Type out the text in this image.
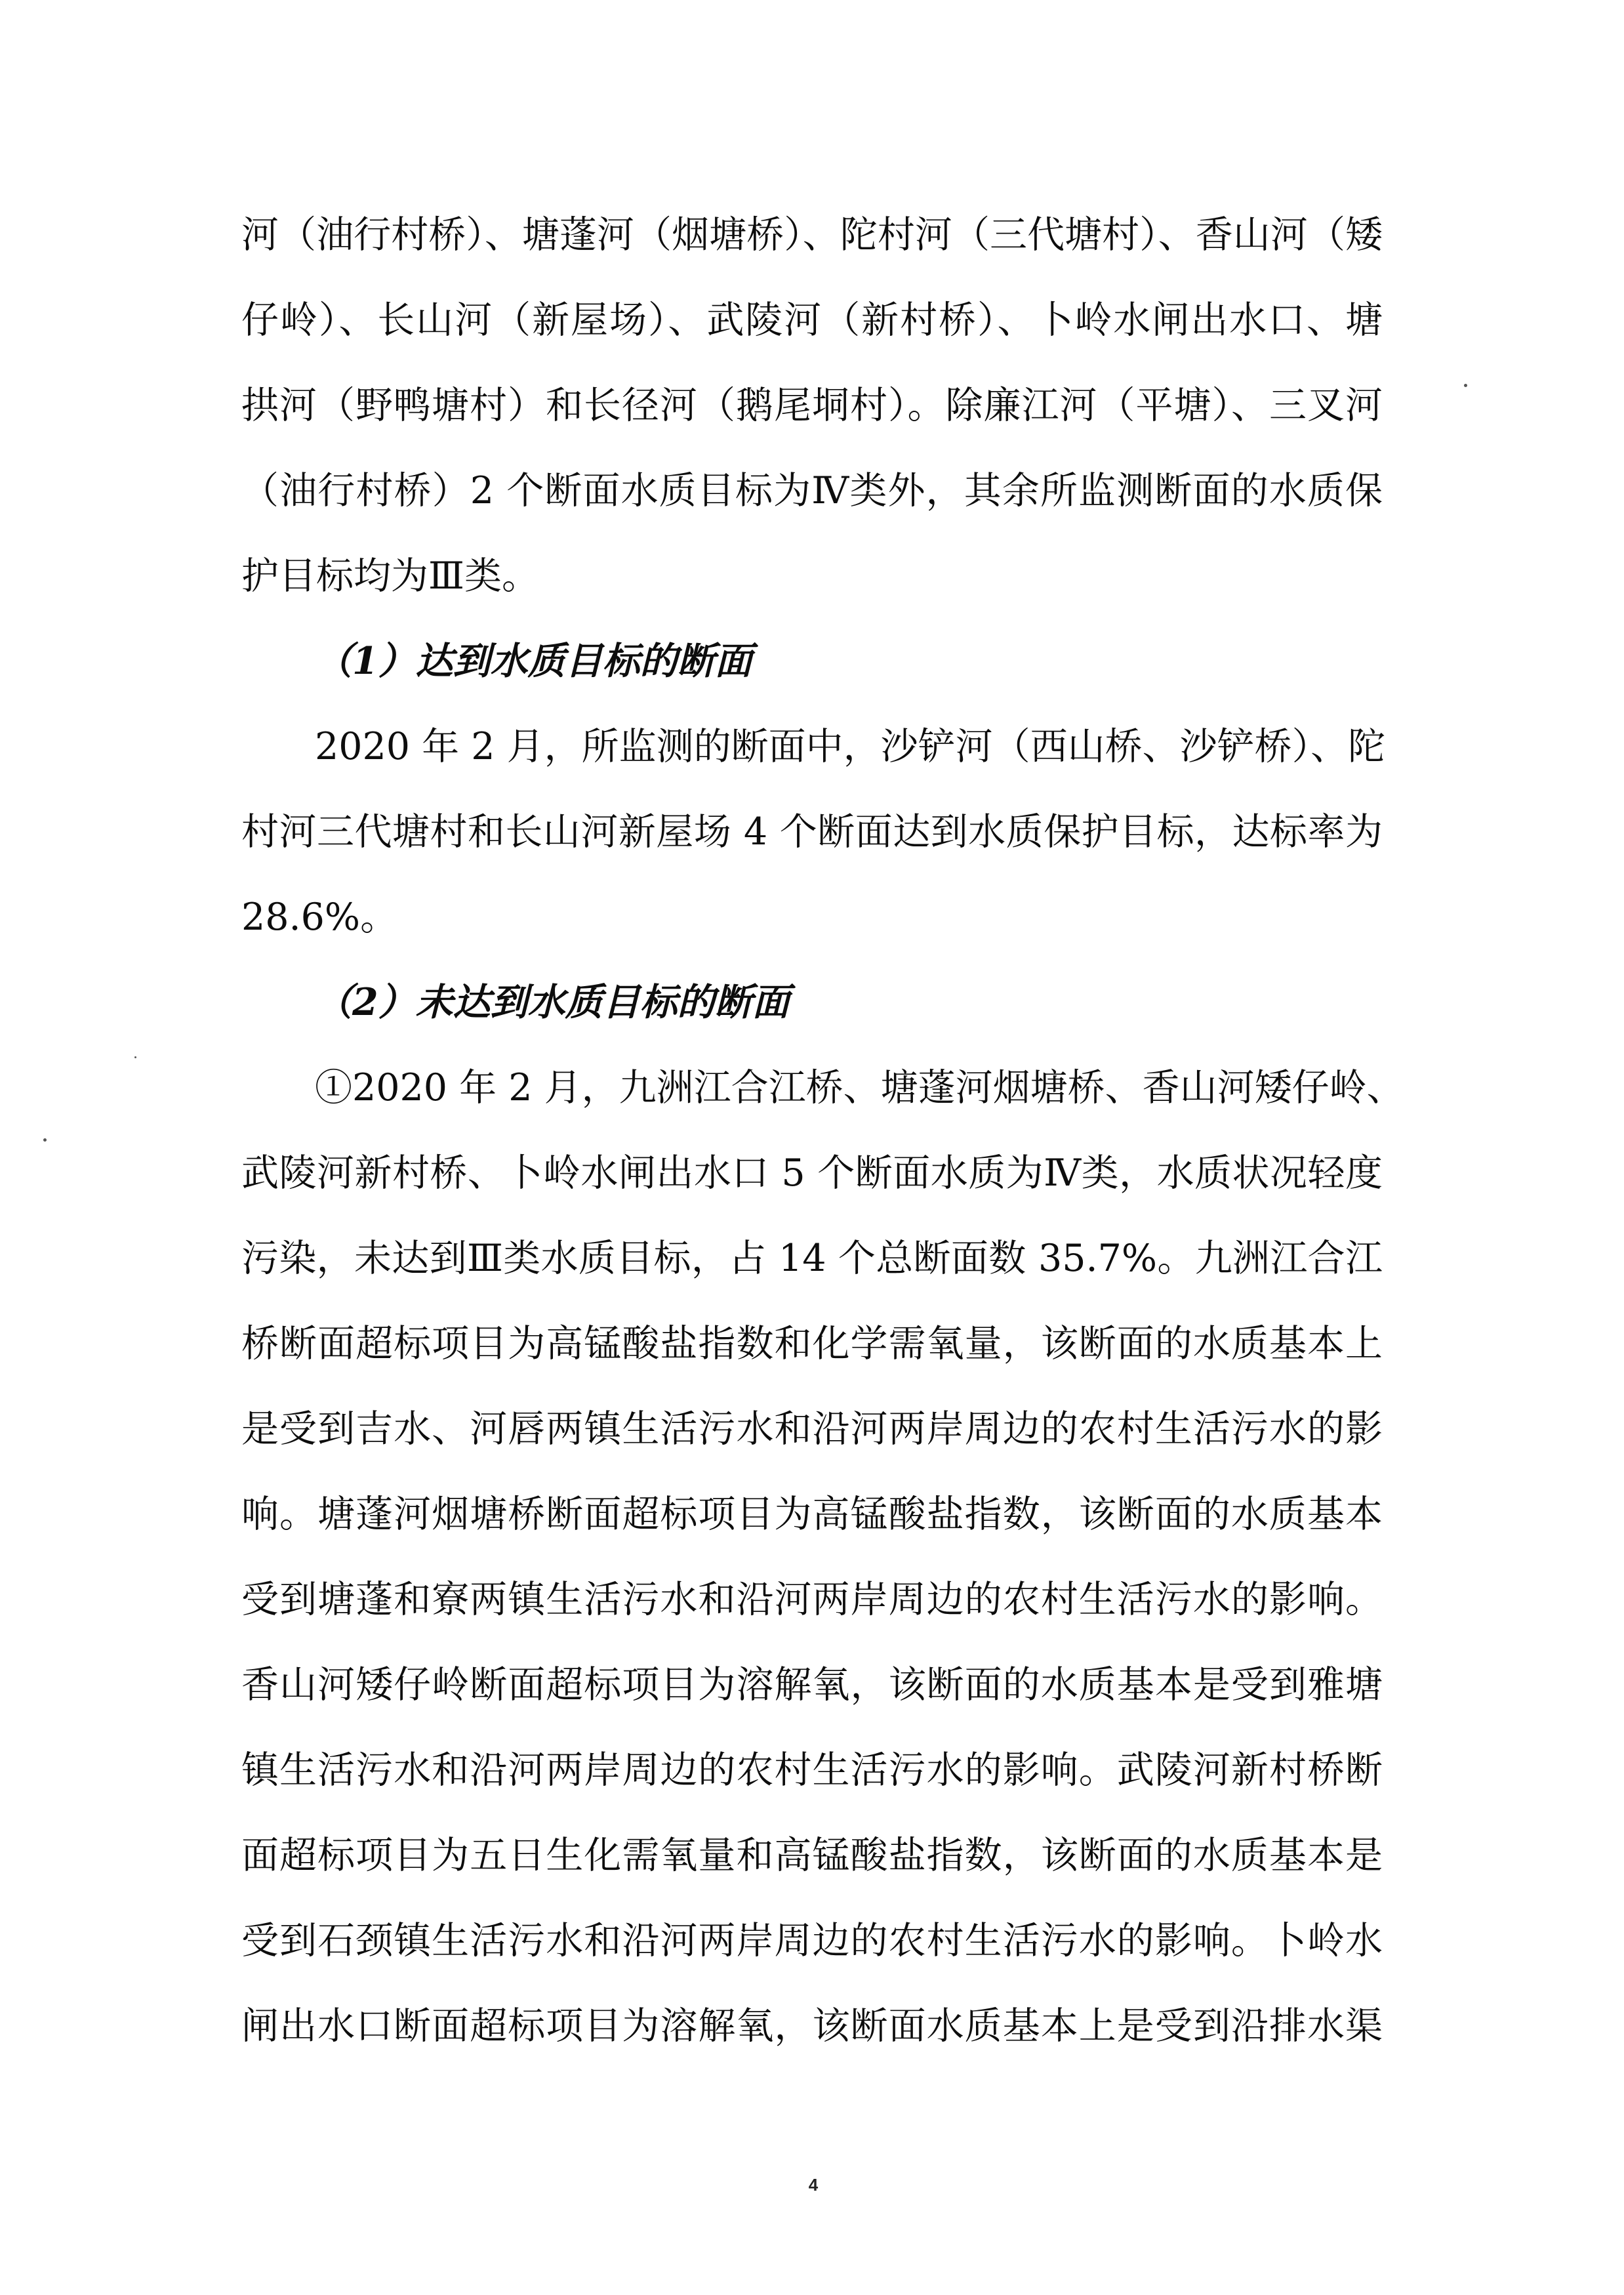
河（油行村桥）、塘蓬河（烟塘桥）、陀村河（三代塘村）、香山河（矮
仔岭）、长山河（新屋场）、武陵河（新村桥）、卜岭水闸出水口、塘
拱河（野鸭塘村）和长径河（鹅尾垌村）。除廉江河（平塘）、三叉河
（油行村桥）2 个断面水质目标为Ⅳ类外，其余所监测断面的水质保
护目标均为Ⅲ类。
（1）达到水质目标的断面
2020 年 2 月，所监测的断面中，沙铲河（西山桥、沙铲桥）、陀
村河三代塘村和长山河新屋场 4 个断面达到水质保护目标，达标率为
28.6%。
（2）未达到水质目标的断面
①2020 年 2 月，九洲江合江桥、塘蓬河烟塘桥、香山河矮仔岭、
武陵河新村桥、卜岭水闸出水口 5 个断面水质为Ⅳ类，水质状况轻度
污染，未达到Ⅲ类水质目标，占 14 个总断面数 35.7%。九洲江合江
桥断面超标项目为高锰酸盐指数和化学需氧量，该断面的水质基本上
是受到吉水、河唇两镇生活污水和沿河两岸周边的农村生活污水的影
响。塘蓬河烟塘桥断面超标项目为高锰酸盐指数，该断面的水质基本
受到塘蓬和寮两镇生活污水和沿河两岸周边的农村生活污水的影响。
香山河矮仔岭断面超标项目为溶解氧，该断面的水质基本是受到雅塘
镇生活污水和沿河两岸周边的农村生活污水的影响。武陵河新村桥断
面超标项目为五日生化需氧量和高锰酸盐指数，该断面的水质基本是
受到石颈镇生活污水和沿河两岸周边的农村生活污水的影响。卜岭水
闸出水口断面超标项目为溶解氧，该断面水质基本上是受到沿排水渠
4
